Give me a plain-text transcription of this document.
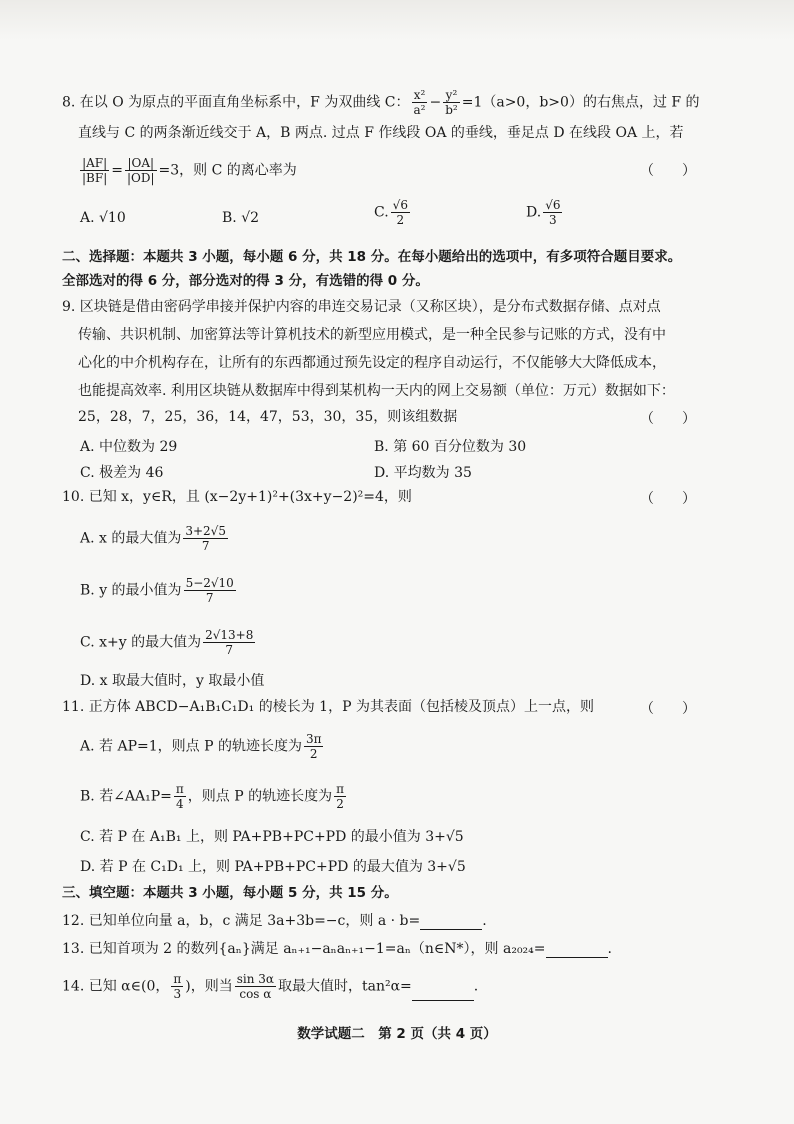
8. 在以 O 为原点的平面直角坐标系中，F 为双曲线 C： $\frac{\text{x²}}{\text{a²}} - \frac{\text{y²}}{\text{b²}} =1(a>0$，b>0）的右焦点，过 F 的
直线与 C 的两条渐近线交于 A，B 两点. 过点 F 作线段 OA 的垂线，垂足点 D 在线段 OA 上，若
$\frac{|AF|}{|BF|} = \frac{|OA|}{|OD|} =3$，则 C 的离心率为	（　　）
A. √10	B. √2	C. $\frac{√6}{2}$	D. $\frac{√6}{3}$
二、选择题：本题共 3 小题，每小题 6 分，共 18 分。在每小题给出的选项中，有多项符合题目要求。
全部选对的得 6 分，部分选对的得 3 分，有选错的得 0 分。
9. 区块链是借由密码学串接并保护内容的串连交易记录（又称区块），是分布式数据存储、点对点
传输、共识机制、加密算法等计算机技术的新型应用模式，是一种全民参与记账的方式，没有中
心化的中介机构存在，让所有的东西都通过预先设定的程序自动运行，不仅能够大大降低成本，
也能提高效率. 利用区块链从数据库中得到某机构一天内的网上交易额（单位：万元）数据如下：
25，28，7，25，36，14，47，53，30，35，则该组数据	（　　）
A. 中位数为 29	B. 第 60 百分位数为 30
C. 极差为 46	D. 平均数为 35
10. 已知 x，y∈R，且 (x−2y+1)²+(3x+y−2)²=4，则	（　　）
A. x 的最大值为 $\frac{3+2√5}{7}$
B. y 的最小值为 $\frac{5-2√10}{7}$
C. x+y 的最大值为 $\frac{2√13+8}{7}$
D. x 取最大值时，y 取最小值
11. 正方体 ABCD−A₁B₁C₁D₁ 的棱长为 1，P 为其表面（包括棱及顶点）上一点，则	（　　）
A. 若 AP=1，则点 P 的轨迹长度为 $\frac{3\pi}{2}$
B. 若∠AA₁P= $\frac{\pi}{4}$ ，则点 P 的轨迹长度为 $\frac{\pi}{2}$
C. 若 P 在 A₁B₁ 上，则 PA+PB+PC+PD 的最小值为 3+√5
D. 若 P 在 C₁D₁ 上，则 PA+PB+PC+PD 的最大值为 3+√5
三、填空题：本题共 3 小题，每小题 5 分，共 15 分。
12. 已知单位向量 a，b，c 满足 3a+3b=−c，则 a · b=	.
13. 已知首项为 2 的数列{aₙ}满足 aₙ₊₁−aₙaₙ₊₁−1=aₙ（n∈N*），则 a₂₀₂₄=	.
14. 已知 α∈(0， $\frac{\pi}{3}$ )，则当 $\frac{\sin 3\alpha}{\text{cos α}}$ 取最大值时，tan²α=	.
数学试题二　第 2 页（共 4 页）
